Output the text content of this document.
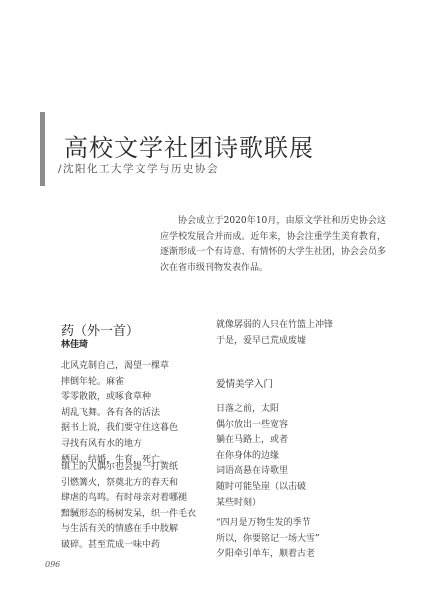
高校文学社团诗歌联展
/沈阳化工大学文学与历史协会

协会成立于2020年10月，由原文学社和历史协会这应学校发展合并而成。近年来，协会注重学生美育教育，逐渐形成一个有诗意、有情怀的大学生社团，协会会员多次在省市级刊物发表作品。

药（外一首）
林佳琦
北风克制自己，渴望一棵草
摔倒年轮。麻雀
零零散散，或啄食草种
胡乱飞舞。各有各的活法
据书上说，我们要守住这暮色
寻找有风有水的地方
栖居。结婚，生育，死亡。
镇上的人偶尔也会提一打黄纸
引燃篝火，祭奠北方的春天和
肆虐的鸟鸣。有时母亲对着哪褪
黯駴形态的杨树发呆，织一件毛衣
与生活有关的情感在手中肢解
破碎。甚至荒成一味中药
就像孱弱的人只在竹篮上冲锋
于是，爱早已荒成废墟
爱情美学入门
日落之前，太阳
偶尔放出一些宽容
躺在马路上，或者
在你身体的边缘
词语高悬在诗歌里
随时可能坠崖（以击破
某些时刻）
“四月是万物生发的季节
所以，你要铭记一场大雪”
夕阳牵引单车，顺着古老
096
